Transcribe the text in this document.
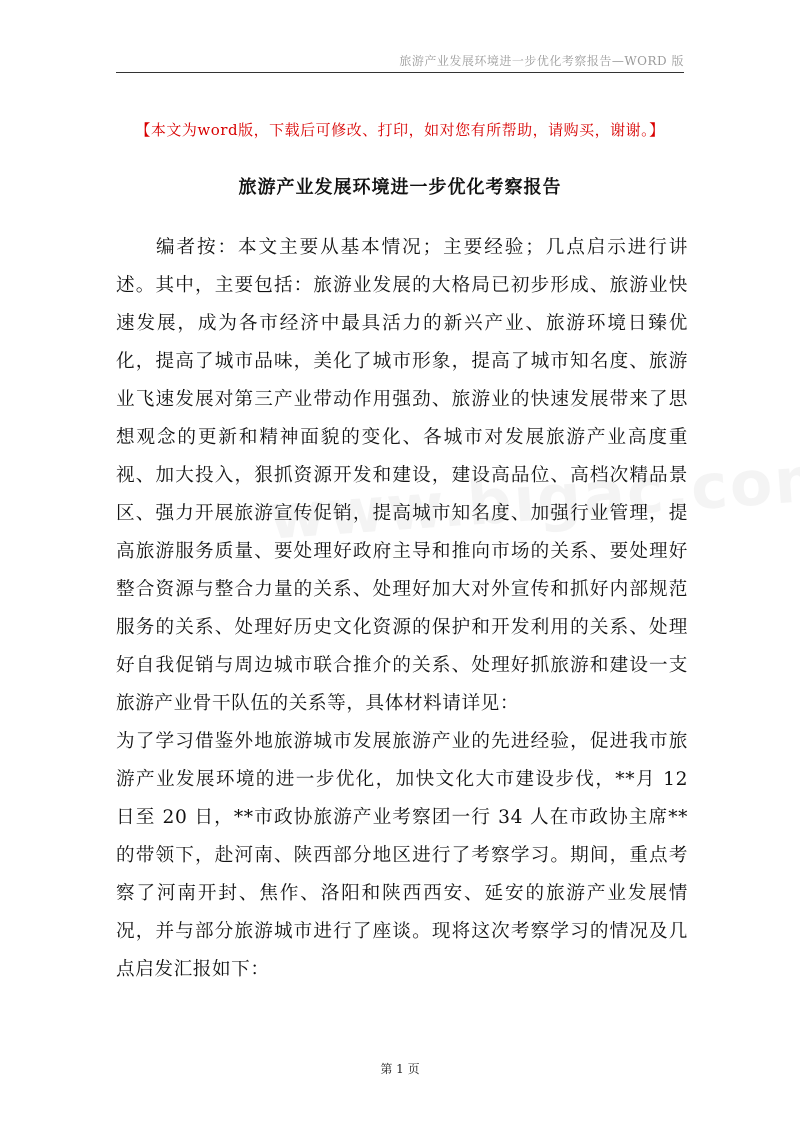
旅游产业发展环境进一步优化考察报告—WORD 版
【本文为word版，下载后可修改、打印，如对您有所帮助，请购买，谢谢。】
旅游产业发展环境进一步优化考察报告

编者按：本文主要从基本情况；主要经验；几点启示进行讲述。其中，主要包括：旅游业发展的大格局已初步形成、旅游业快速发展，成为各市经济中最具活力的新兴产业、旅游环境日臻优化，提高了城市品味，美化了城市形象，提高了城市知名度、旅游业飞速发展对第三产业带动作用强劲、旅游业的快速发展带来了思想观念的更新和精神面貌的变化、各城市对发展旅游产业高度重视、加大投入，狠抓资源开发和建设，建设高品位、高档次精品景区、强力开展旅游宣传促销，提高城市知名度、加强行业管理，提高旅游服务质量、要处理好政府主导和推向市场的关系、要处理好整合资源与整合力量的关系、处理好加大对外宣传和抓好内部规范服务的关系、处理好历史文化资源的保护和开发利用的关系、处理好自我促销与周边城市联合推介的关系、处理好抓旅游和建设一支旅游产业骨干队伍的关系等，具体材料请详见：

为了学习借鉴外地旅游城市发展旅游产业的先进经验，促进我市旅游产业发展环境的进一步优化，加快文化大市建设步伐，**月 12 日至 20 日，**市政协旅游产业考察团一行 34 人在市政协主席**的带领下，赴河南、陕西部分地区进行了考察学习。期间，重点考察了河南开封、焦作、洛阳和陕西西安、延安的旅游产业发展情况，并与部分旅游城市进行了座谈。现将这次考察学习的情况及几点启发汇报如下：

第 1 页
